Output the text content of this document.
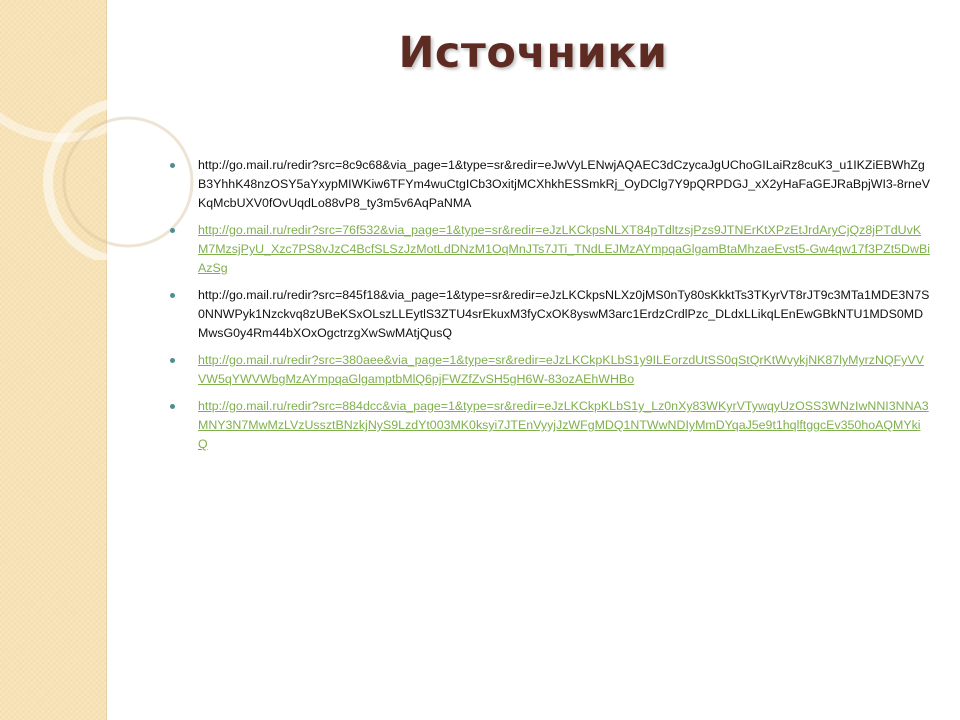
Источники
http://go.mail.ru/redir?src=8c9c68&via_page=1&type=sr&redir=eJwVyLENwjAQAEC3dCzycaJgUChoGILaiRz8cuK3_u1IKZiEBWhZgB3YhhK48nzOSY5aYxypMIWKiw6TFYm4wuCtgICb3OxitjMCXhkhESSmkRj_OyDClg7Y9pQRPDGJ_xX2yHaFaGEJRaBpjWI3-8rneVKqMcbUXV0fOvUqdLo88vP8_ty3m5v6AqPaNMA
http://go.mail.ru/redir?src=76f532&via_page=1&type=sr&redir=eJzLKCkpsNLXT84pTdltzsjPzs9JTNErKtXPzEtJrdAryCjQz8jPTdUvKM7MzsjPyU_Xzc7PS8vJzC4BcfSLSzJzMotLdDNzM1OqMnJTs7JTi_TNdLEJMzAYmpqaGlgamBtaMhzaeEvst5-Gw4qw17f3PZt5DwBiAzSg
http://go.mail.ru/redir?src=845f18&via_page=1&type=sr&redir=eJzLKCkpsNLXz0jMS0nTy80sKkktTs3TKyrVT8rJT9c3MTa1MDE3N7S0NNWPyk1Nzckvq8zUBeKSxOLszLLEytlS3ZTU4srEkuxM3fyCxOK8yswM3arc1ErdzCrdlPzc_DLdxLLikqLEnEwGBkNTU1MDS0MDMwsG0y4Rm44bXOxOgctrzgXwSwMAtjQusQ
http://go.mail.ru/redir?src=380aee&via_page=1&type=sr&redir=eJzLKCkpKLbS1y9ILEorzdUtSS0qStQrKtWvykjNK87lyMyrzNQFyVVVW5qYWVWbgMzAYmpqaGlgamptbMlQ6pjFWZfZvSH5gH6W-83ozAEhWHBo
http://go.mail.ru/redir?src=884dcc&via_page=1&type=sr&redir=eJzLKCkpKLbS1y_Lz0nXy83WKyrVTywqyUzOSS3WNzIwNNI3NNA3MNY3N7MwMzLVzUssztBNzkjNyS9LzdYt003MK0ksyi7JTEnVyyjJzWFgMDQ1NTWwNDIyMmDYqaJ5e9t1hqlftggcEv350hoAQMYkiQ
